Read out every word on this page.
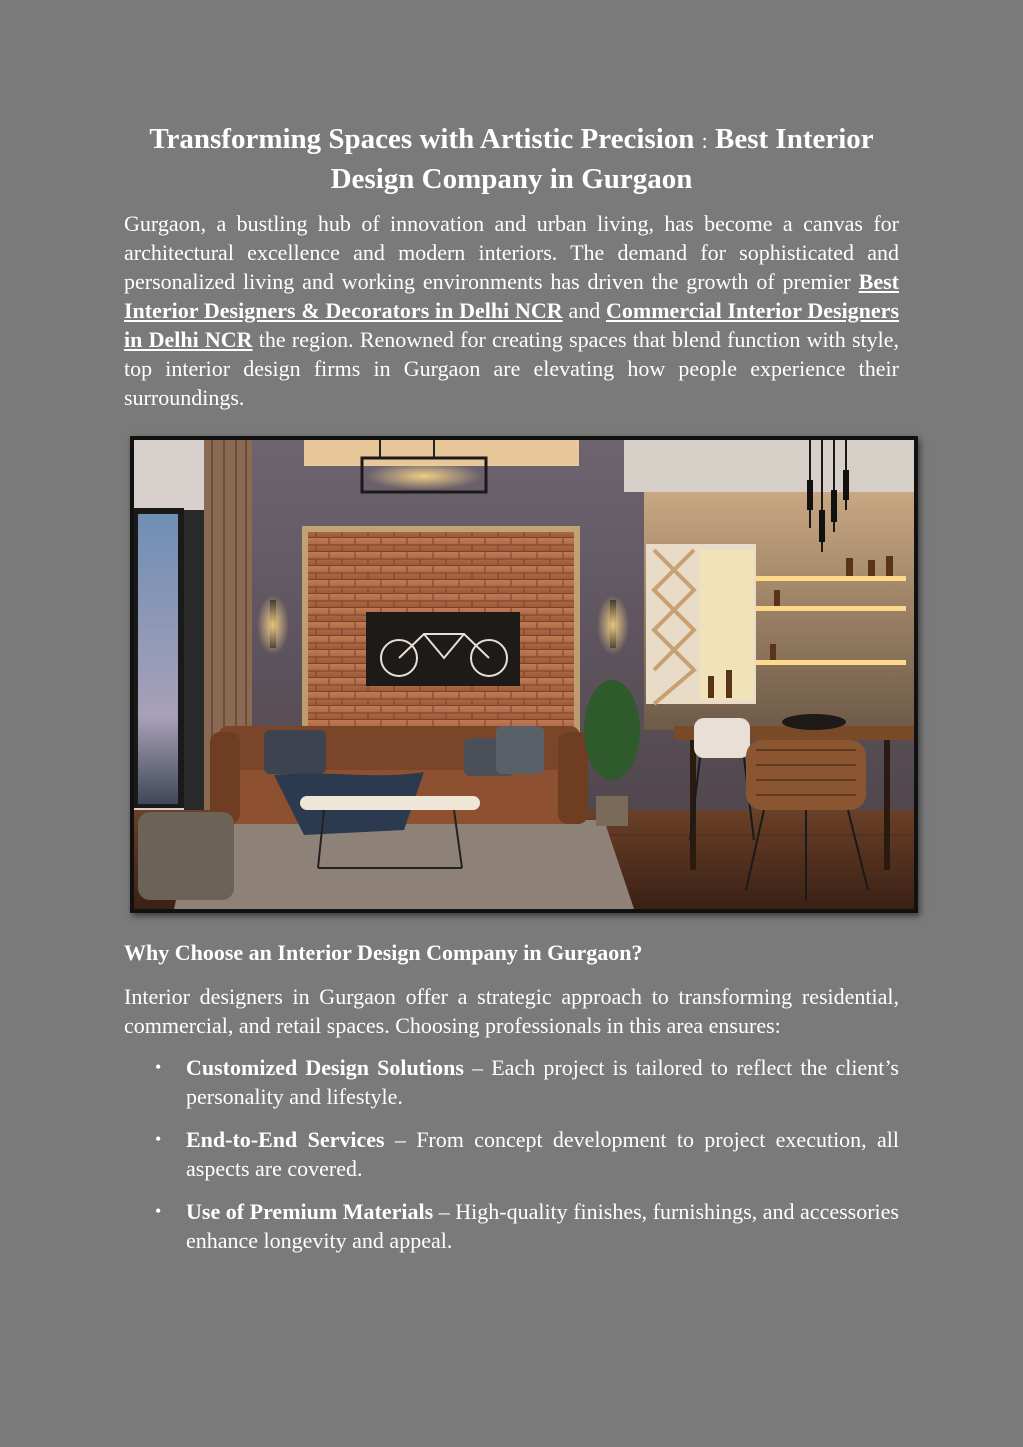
Transforming Spaces with Artistic Precision : Best Interior Design Company in Gurgaon

Gurgaon, a bustling hub of innovation and urban living, has become a canvas for architectural excellence and modern interiors. The demand for sophisticated and personalized living and working environments has driven the growth of premier Best Interior Designers & Decorators in Delhi NCR and Commercial Interior Designers in Delhi NCR the region. Renowned for creating spaces that blend function with style, top interior design firms in Gurgaon are elevating how people experience their surroundings.

Why Choose an Interior Design Company in Gurgaon?

Interior designers in Gurgaon offer a strategic approach to transforming residential, commercial, and retail spaces. Choosing professionals in this area ensures:

• Customized Design Solutions – Each project is tailored to reflect the client’s personality and lifestyle.
• End-to-End Services – From concept development to project execution, all aspects are covered.
• Use of Premium Materials – High-quality finishes, furnishings, and accessories enhance longevity and appeal.
